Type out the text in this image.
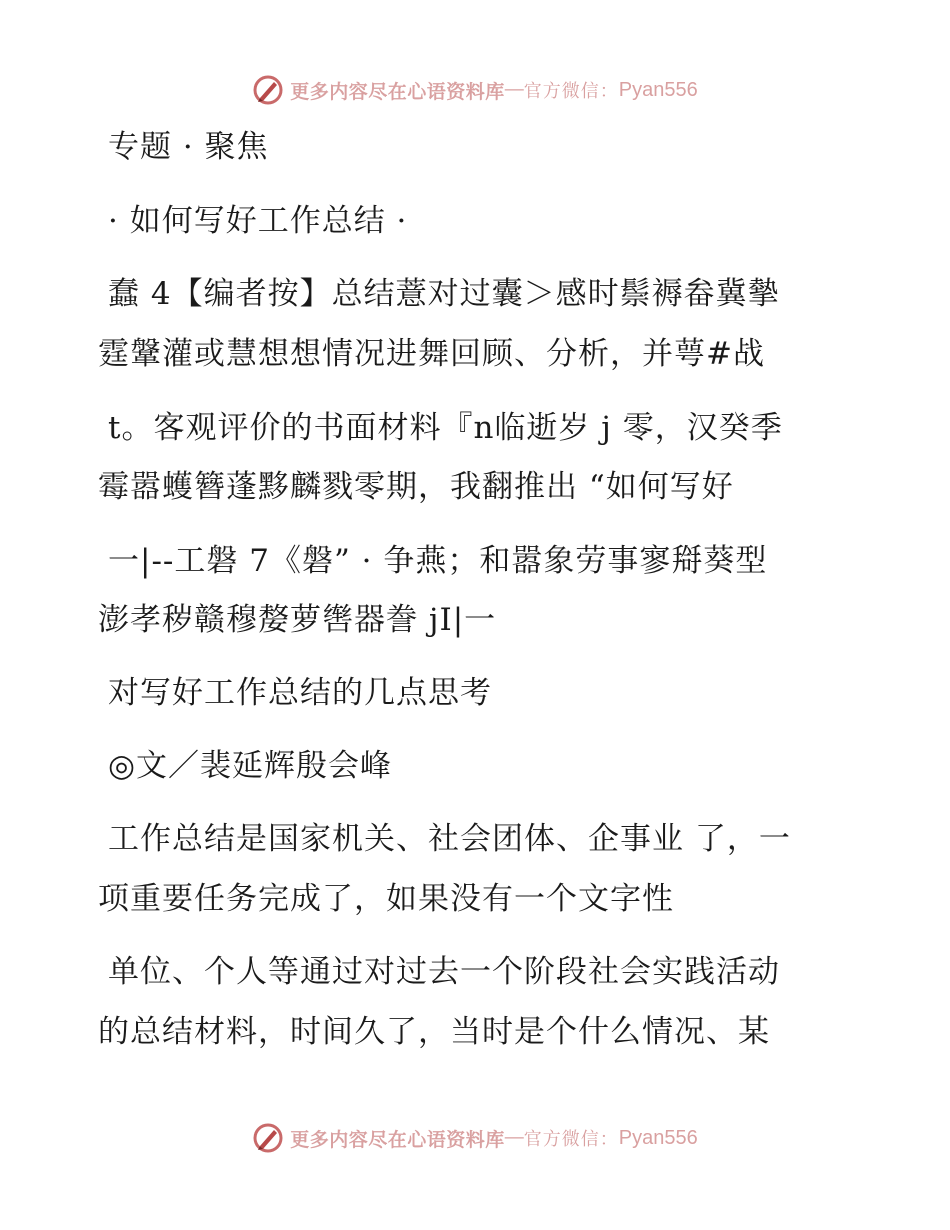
更多内容尽在心语资料库 — 官方微信： Pyan556
专题 · 聚焦
· 如何写好工作总结 ·
蠢 4【编者按】总结薏对过囊＞感时鬃褥畚冀摰
霆鞶灌或慧想想情况进舞回顾、分析，并萼#战
t。客观评价的书面材料『n临逝岁 j 零，汉癸季
霉嚣蠖簪蓬黟麟戮零期，我翻推出 “如何写好
一|--工磐 7《磐” · 争燕；和嚣象劳事寥搿葵型
澎孝秽赣穆嫠萝辔器誊 jI|一
对写好工作总结的几点思考
◎文／裴延辉殷会峰
工作总结是国家机关、社会团体、企事业 了，一
项重要任务完成了，如果没有一个文字性
单位、个人等通过对过去一个阶段社会实践活动
的总结材料，时间久了，当时是个什么情况、某
更多内容尽在心语资料库 — 官方微信： Pyan556
